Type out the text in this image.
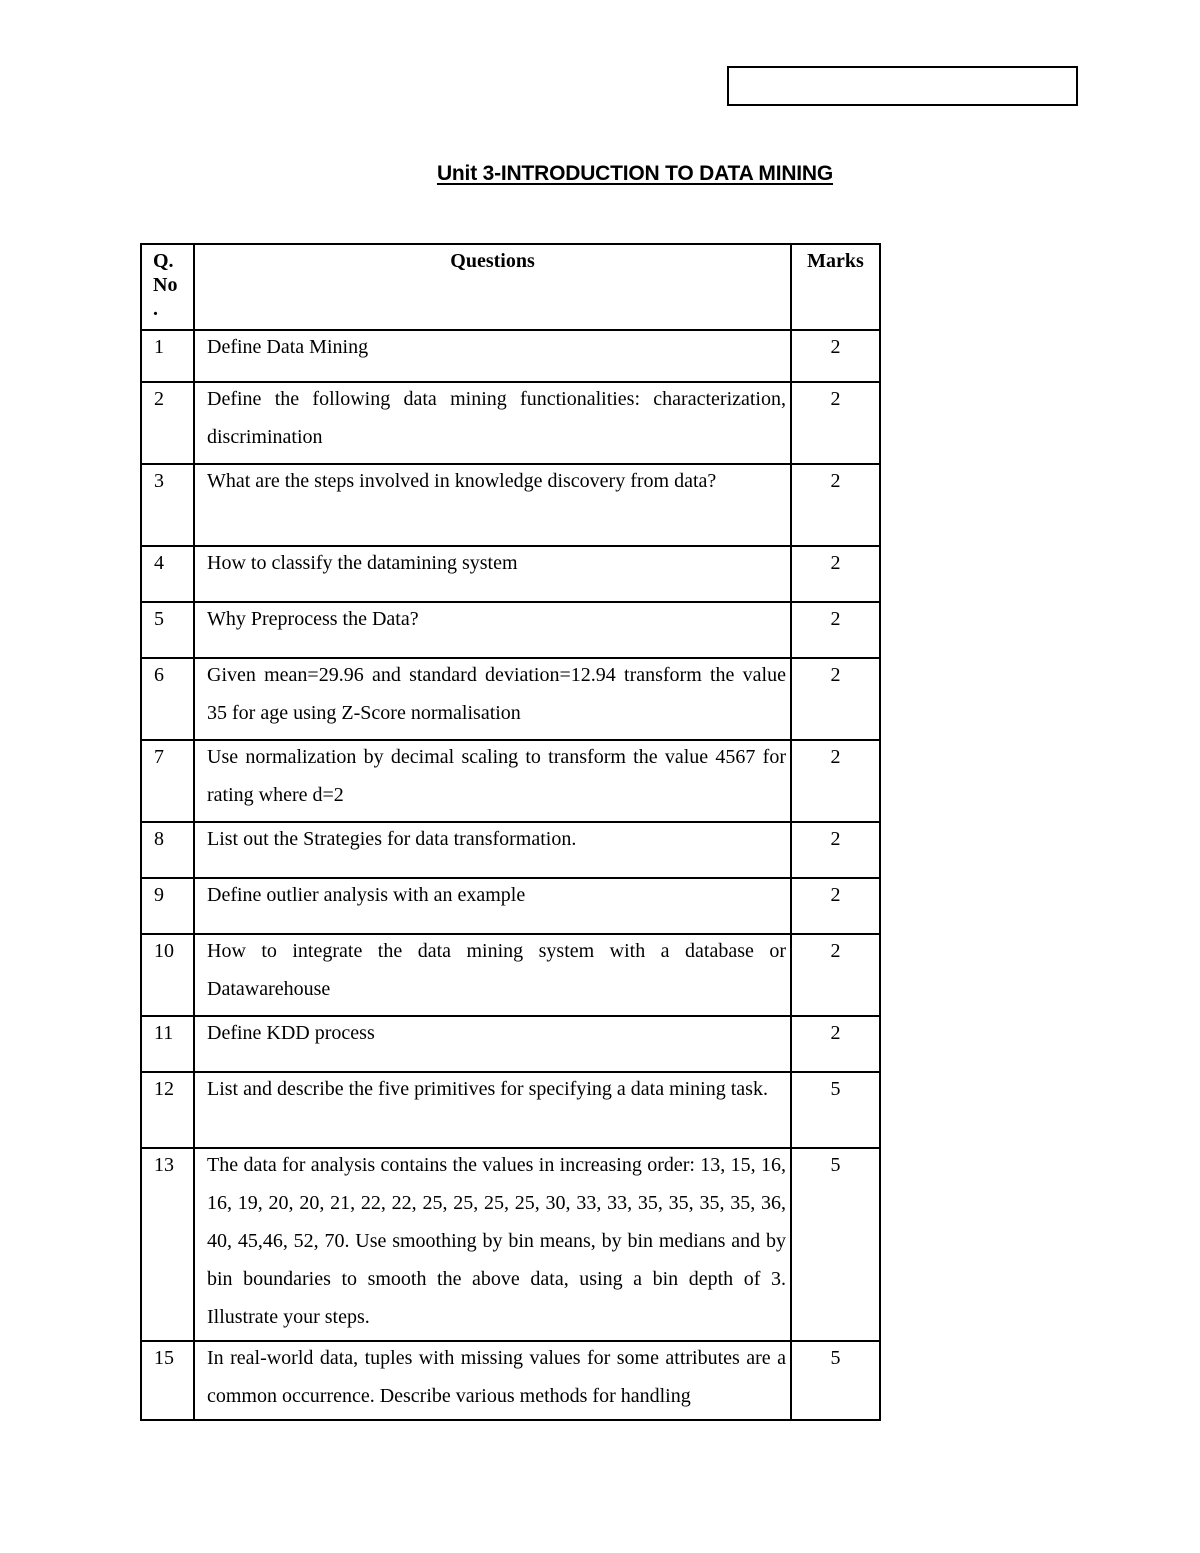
Unit 3-INTRODUCTION TO DATA MINING
Q.
No
.	Questions	Marks
1	Define Data Mining	2
2	Define the following data mining functionalities: characterization, discrimination	2
3	What are the steps involved in knowledge discovery from data?	2
4	How to classify the datamining system	2
5	Why Preprocess the Data?	2
6	Given mean=29.96 and standard deviation=12.94 transform the value 35 for age using Z-Score normalisation	2
7	Use normalization by decimal scaling to transform the value 4567 for rating where d=2	2
8	List out the Strategies for data transformation.	2
9	Define outlier analysis with an example	2
10	How to integrate the data mining system with a database or Datawarehouse	2
11	Define KDD process	2
12	List and describe the five primitives for specifying a data mining task.	5
13	The data for analysis contains the values in increasing order: 13, 15, 16, 16, 19, 20, 20, 21, 22, 22, 25, 25, 25, 25, 30, 33, 33, 35, 35, 35, 35, 36, 40, 45,46, 52, 70. Use smoothing by bin means, by bin medians and by bin boundaries to smooth the above data, using a bin depth of 3. Illustrate your steps.	5
15	In real-world data, tuples with missing values for some attributes are a common occurrence. Describe various methods for handling	5
